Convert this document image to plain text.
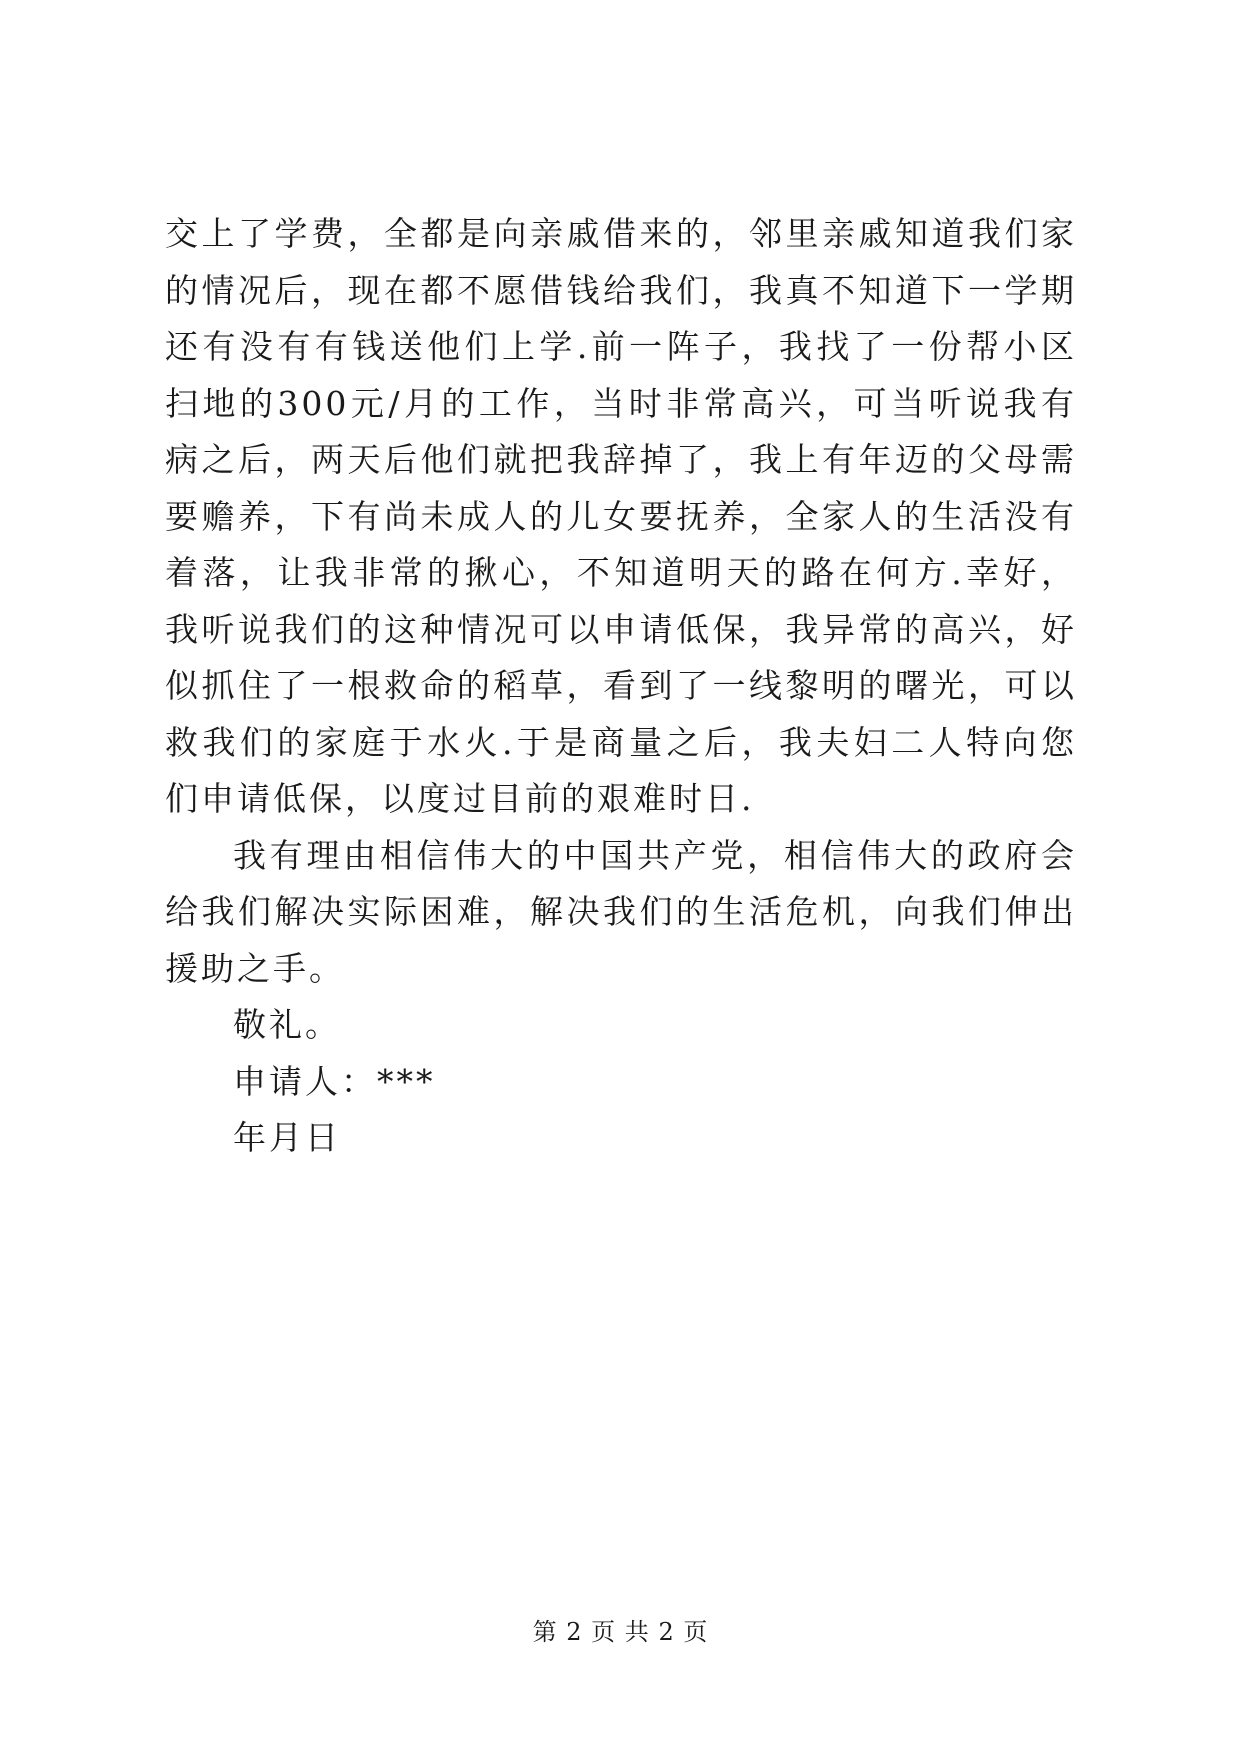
交上了学费，全都是向亲戚借来的，邻里亲戚知道我们家的情况后，现在都不愿借钱给我们，我真不知道下一学期还有没有有钱送他们上学.前一阵子，我找了一份帮小区扫地的300元/月的工作，当时非常高兴，可当听说我有病之后，两天后他们就把我辞掉了，我上有年迈的父母需要赡养，下有尚未成人的儿女要抚养，全家人的生活没有着落，让我非常的揪心，不知道明天的路在何方.幸好，我听说我们的这种情况可以申请低保，我异常的高兴，好似抓住了一根救命的稻草，看到了一线黎明的曙光，可以救我们的家庭于水火.于是商量之后，我夫妇二人特向您们申请低保，以度过目前的艰难时日.

我有理由相信伟大的中国共产党，相信伟大的政府会给我们解决实际困难，解决我们的生活危机，向我们伸出援助之手。

敬礼。

申请人：***

年月日

第 2 页 共 2 页
